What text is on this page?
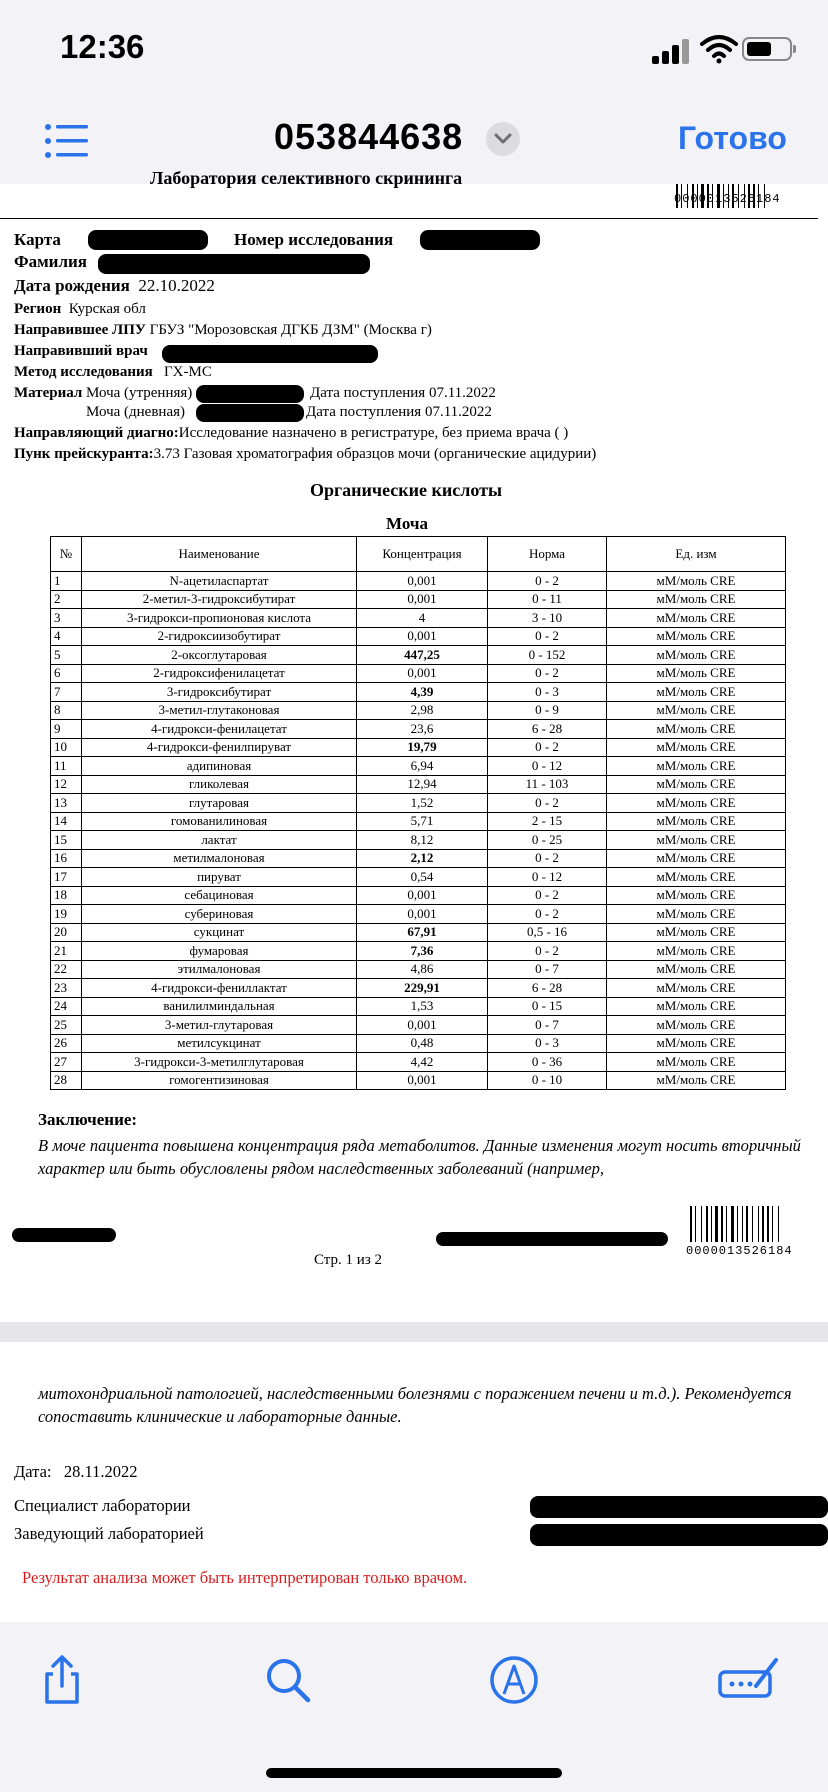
12:36
053844638	Готово
Лаборатория селективного скрининга
0000013526184
Карта	Номер исследования
Фамилия
Дата рождения 22.10.2022
Регион Курская обл
Направившее ЛПУ ГБУЗ "Морозовская ДГКБ ДЗМ" (Москва г)
Направивший врач
Метод исследования ГХ-МС
Материал Моча (утренняя)	Дата поступления 07.11.2022
Моча (дневная)	Дата поступления 07.11.2022
Направляющий диагно:Исследование назначено в регистратуре, без приема врача ( )
Пунк прейскуранта:3.73 Газовая хроматография образцов мочи (органические ацидурии)
Органические кислоты
Моча
№	Наименование	Концентрация	Норма	Ед. изм
1	N-ацетиласпартат	0,001	0 - 2	мМ/моль CRE
2	2-метил-3-гидроксибутират	0,001	0 - 11	мМ/моль CRE
3	3-гидрокси-пропионовая кислота	4	3 - 10	мМ/моль CRE
4	2-гидроксиизобутират	0,001	0 - 2	мМ/моль CRE
5	2-оксоглутаровая	447,25	0 - 152	мМ/моль CRE
6	2-гидроксифенилацетат	0,001	0 - 2	мМ/моль CRE
7	3-гидроксибутират	4,39	0 - 3	мМ/моль CRE
8	3-метил-глутаконовая	2,98	0 - 9	мМ/моль CRE
9	4-гидрокси-фенилацетат	23,6	6 - 28	мМ/моль CRE
10	4-гидрокси-фенилпируват	19,79	0 - 2	мМ/моль CRE
11	адипиновая	6,94	0 - 12	мМ/моль CRE
12	гликолевая	12,94	11 - 103	мМ/моль CRE
13	глутаровая	1,52	0 - 2	мМ/моль CRE
14	гомованилиновая	5,71	2 - 15	мМ/моль CRE
15	лактат	8,12	0 - 25	мМ/моль CRE
16	метилмалоновая	2,12	0 - 2	мМ/моль CRE
17	пируват	0,54	0 - 12	мМ/моль CRE
18	себациновая	0,001	0 - 2	мМ/моль CRE
19	субериновая	0,001	0 - 2	мМ/моль CRE
20	сукцинат	67,91	0,5 - 16	мМ/моль CRE
21	фумаровая	7,36	0 - 2	мМ/моль CRE
22	этилмалоновая	4,86	0 - 7	мМ/моль CRE
23	4-гидрокси-фениллактат	229,91	6 - 28	мМ/моль CRE
24	ванилилминдальная	1,53	0 - 15	мМ/моль CRE
25	3-метил-глутаровая	0,001	0 - 7	мМ/моль CRE
26	метилсукцинат	0,48	0 - 3	мМ/моль CRE
27	3-гидрокси-3-метилглутаровая	4,42	0 - 36	мМ/моль CRE
28	гомогентизиновая	0,001	0 - 10	мМ/моль CRE
Заключение:
В моче пациента повышена концентрация ряда метаболитов. Данные изменения могут носить вторичный характер или быть обусловлены рядом наследственных заболеваний (например,
0000013526184
Стр. 1 из 2
митохондриальной патологией, наследственными болезнями с поражением печени и т.д.). Рекомендуется сопоставить клинические и лабораторные данные.
Дата: 28.11.2022
Специалист лаборатории
Заведующий лабораторией
Результат анализа может быть интерпретирован только врачом.
